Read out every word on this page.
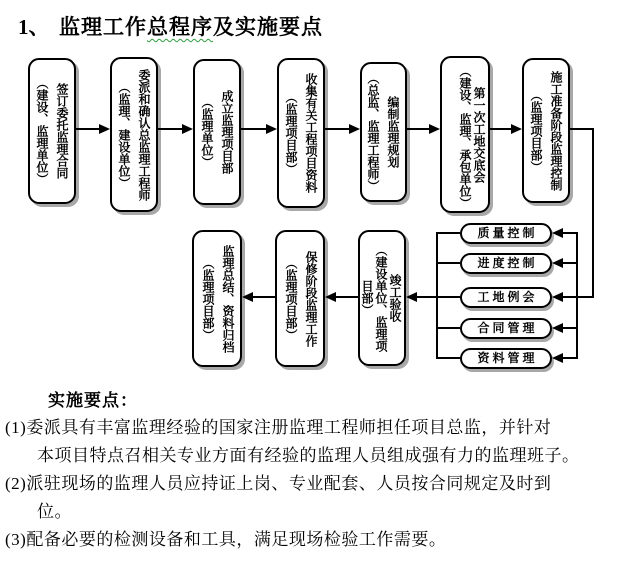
1、 监理工作总程序及实施要点
签订委托监理合同
（建设、监理单位）	委派和确认总监理工程师
（监理、建设单位）	成立监理项目部
（监理单位）	收集有关工程项目资料
（监理项目部）	编制监理规划
（总监、监理工程师）	第一次工地交底会
（建设、监理、承包单位）	施工准备阶段监理控制
（监理项目部）
监理总结、资料归档
（监理项目部）	保修阶段监理工作
（监理项目部）	竣工验收
（建设单位、监理项目部）
质量控制
进度控制
工地例会
合同管理
资料管理
实施要点：
(1)委派具有丰富监理经验的国家注册监理工程师担任项目总监，并针对
本项目特点召相关专业方面有经验的监理人员组成强有力的监理班子。
(2)派驻现场的监理人员应持证上岗、专业配套、人员按合同规定及时到
位。
(3)配备必要的检测设备和工具，满足现场检验工作需要。
